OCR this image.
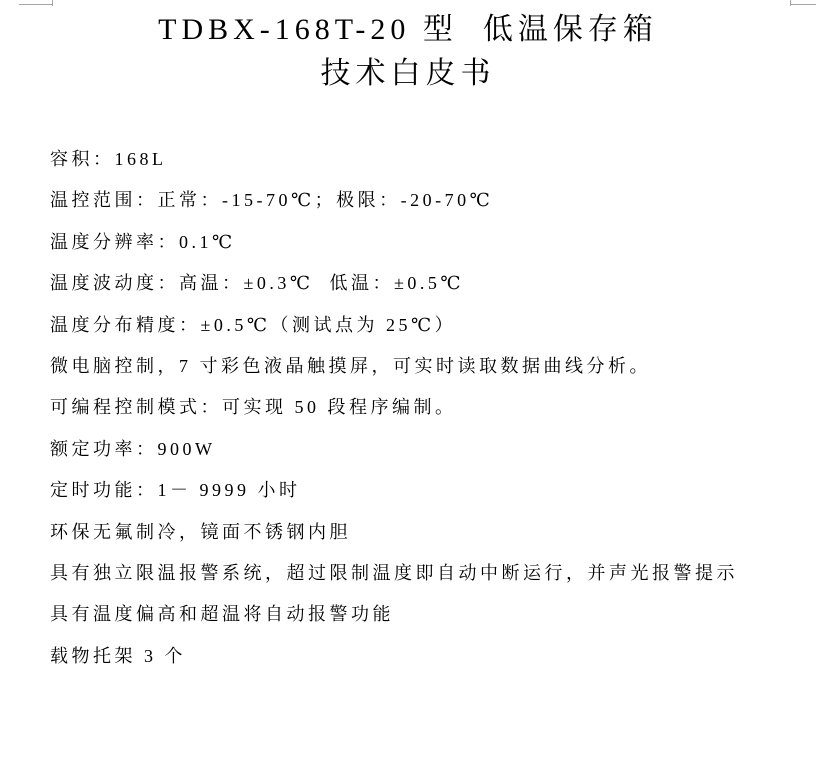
TDBX-168T-20 型  低温保存箱
技术白皮书
容积：168L
温控范围：正常：-15-70℃；极限：-20-70℃
温度分辨率：0.1℃
温度波动度：高温：±0.3℃  低温：±0.5℃
温度分布精度：±0.5℃（测试点为 25℃）
微电脑控制，7 寸彩色液晶触摸屏，可实时读取数据曲线分析。
可编程控制模式：可实现 50 段程序编制。
额定功率：900W
定时功能：1－ 9999 小时
环保无氟制冷，镜面不锈钢内胆
具有独立限温报警系统，超过限制温度即自动中断运行，并声光报警提示
具有温度偏高和超温将自动报警功能
载物托架 3 个
